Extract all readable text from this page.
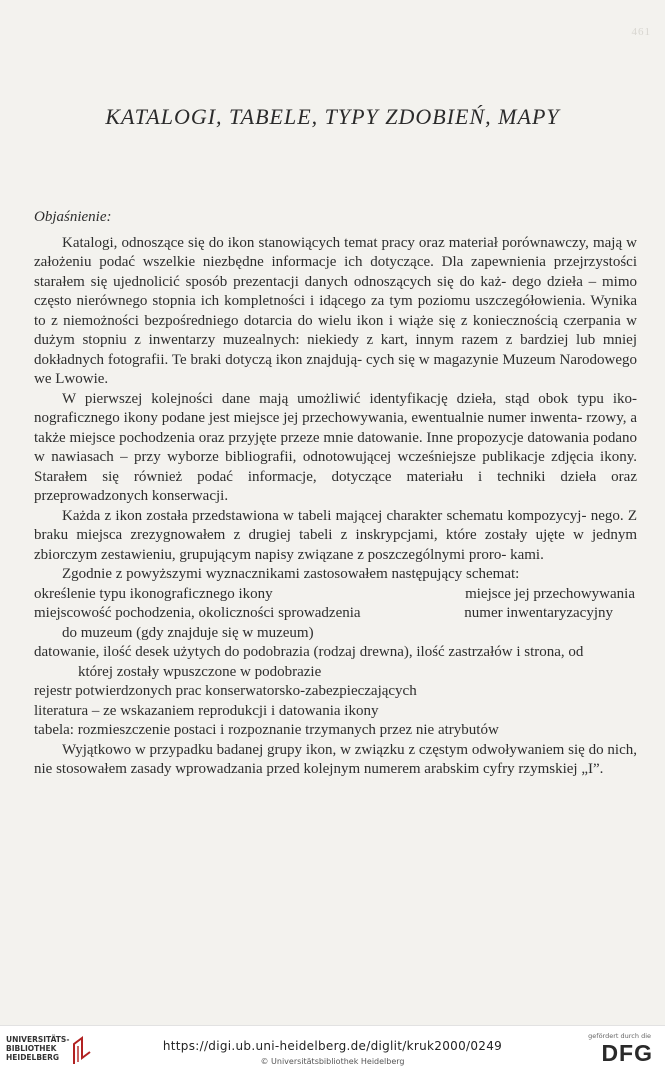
461
KATALOGI, TABELE, TYPY ZDOBIEŃ, MAPY

Objaśnienie:

Katalogi, odnoszące się do ikon stanowiących temat pracy oraz materiał porównawczy, mają w założeniu podać wszelkie niezbędne informacje ich dotyczące. Dla zapewnienia przejrzystości starałem się ujednolicić sposób prezentacji danych odnoszących się do każ- dego dzieła – mimo często nierównego stopnia ich kompletności i idącego za tym poziomu uszczegółowienia. Wynika to z niemożności bezpośredniego dotarcia do wielu ikon i wiąże się z koniecznością czerpania w dużym stopniu z inwentarzy muzealnych: niekiedy z kart, innym razem z bardziej lub mniej dokładnych fotografii. Te braki dotyczą ikon znajdują- cych się w magazynie Muzeum Narodowego we Lwowie.

W pierwszej kolejności dane mają umożliwić identyfikację dzieła, stąd obok typu iko- nograficznego ikony podane jest miejsce jej przechowywania, ewentualnie numer inwenta- rzowy, a także miejsce pochodzenia oraz przyjęte przeze mnie datowanie. Inne propozycje datowania podano w nawiasach – przy wyborze bibliografii, odnotowującej wcześniejsze publikacje zdjęcia ikony. Starałem się również podać informacje, dotyczące materiału i techniki dzieła oraz przeprowadzonych konserwacji.

Każda z ikon została przedstawiona w tabeli mającej charakter schematu kompozycyj- nego. Z braku miejsca zrezygnowałem z drugiej tabeli z inskrypcjami, które zostały ujęte w jednym zbiorczym zestawieniu, grupującym napisy związane z poszczególnymi proro- kami.

Zgodnie z powyższymi wyznacznikami zastosowałem następujący schemat:

określenie typu ikonograficznego ikony	miejsce jej przechowywania
miejscowość pochodzenia, okoliczności sprowadzenia	numer inwentaryzacyjny
do muzeum (gdy znajduje się w muzeum)
datowanie, ilość desek użytych do podobrazia (rodzaj drewna), ilość zastrzałów i strona, od
której zostały wpuszczone w podobrazie
rejestr potwierdzonych prac konserwatorsko-zabezpieczających
literatura – ze wskazaniem reprodukcji i datowania ikony
tabela: rozmieszczenie postaci i rozpoznanie trzymanych przez nie atrybutów

Wyjątkowo w przypadku badanej grupy ikon, w związku z częstym odwoływaniem się do nich, nie stosowałem zasady wprowadzania przed kolejnym numerem arabskim cyfry rzymskiej „I”.

UNIVERSITÄTS-
BIBLIOTHEK
HEIDELBERG
https://digi.ub.uni-heidelberg.de/diglit/kruk2000/0249
© Universitätsbibliothek Heidelberg
gefördert durch die
DFG
